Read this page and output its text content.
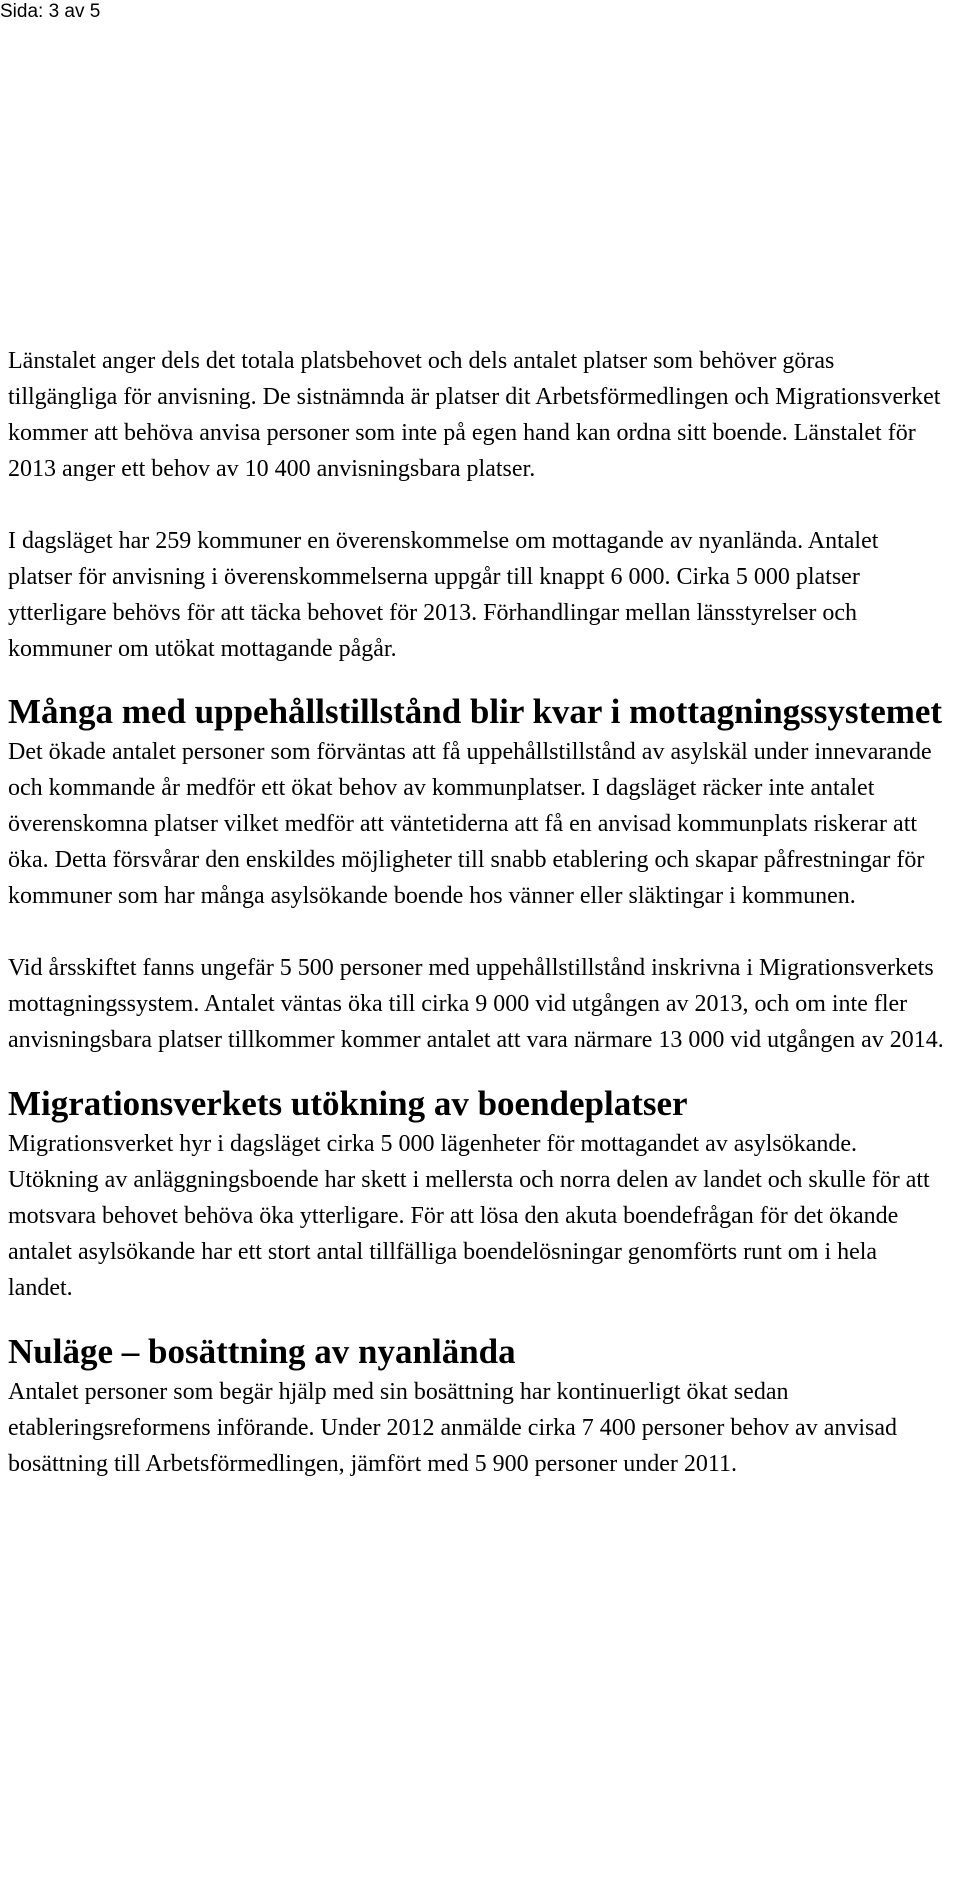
Sida: 3 av 5

Länstalet anger dels det totala platsbehovet och dels antalet platser som behöver göras tillgängliga för anvisning. De sistnämnda är platser dit Arbetsförmedlingen och Migrationsverket kommer att behöva anvisa personer som inte på egen hand kan ordna sitt boende. Länstalet för 2013 anger ett behov av 10 400 anvisningsbara platser.

I dagsläget har 259 kommuner en överenskommelse om mottagande av nyanlända. Antalet platser för anvisning i överenskommelserna uppgår till knappt 6 000. Cirka 5 000 platser ytterligare behövs för att täcka behovet för 2013. Förhandlingar mellan länsstyrelser och kommuner om utökat mottagande pågår.

Många med uppehållstillstånd blir kvar i mottagningssystemet

Det ökade antalet personer som förväntas att få uppehållstillstånd av asylskäl under innevarande och kommande år medför ett ökat behov av kommunplatser. I dagsläget räcker inte antalet överenskomna platser vilket medför att väntetiderna att få en anvisad kommunplats riskerar att öka. Detta försvårar den enskildes möjligheter till snabb etablering och skapar påfrestningar för kommuner som har många asylsökande boende hos vänner eller släktingar i kommunen.

Vid årsskiftet fanns ungefär 5 500 personer med uppehållstillstånd inskrivna i Migrationsverkets mottagningssystem. Antalet väntas öka till cirka 9 000 vid utgången av 2013, och om inte fler anvisningsbara platser tillkommer kommer antalet att vara närmare 13 000 vid utgången av 2014.

Migrationsverkets utökning av boendeplatser

Migrationsverket hyr i dagsläget cirka 5 000 lägenheter för mottagandet av asylsökande. Utökning av anläggningsboende har skett i mellersta och norra delen av landet och skulle för att motsvara behovet behöva öka ytterligare. För att lösa den akuta boendefrågan för det ökande antalet asylsökande har ett stort antal tillfälliga boendelösningar genomförts runt om i hela landet.

Nuläge – bosättning av nyanlända

Antalet personer som begär hjälp med sin bosättning har kontinuerligt ökat sedan etableringsreformens införande. Under 2012 anmälde cirka 7 400 personer behov av anvisad bosättning till Arbetsförmedlingen, jämfört med 5 900 personer under 2011.
